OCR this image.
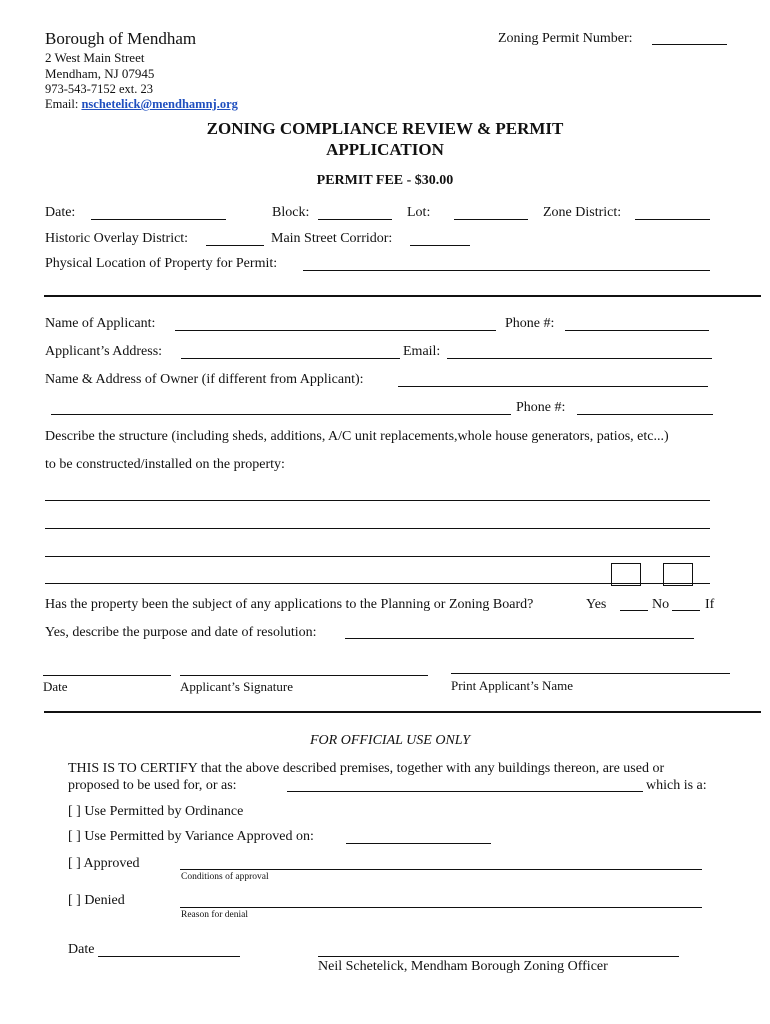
Borough of Mendham
2 West Main Street
Mendham, NJ 07945
973-543-7152 ext. 23
Email: nschetelick@mendhamnj.org
Zoning Permit Number:
ZONING COMPLIANCE REVIEW & PERMIT
APPLICATION
PERMIT FEE - $30.00
Date:	Block:	Lot:	Zone District:
Historic Overlay District:	Main Street Corridor:
Physical Location of Property for Permit:
Name of Applicant:	Phone #:
Applicant’s Address:	Email:
Name & Address of Owner (if different from Applicant):
Phone #:
Describe the structure (including sheds, additions, A/C unit replacements,whole house generators, patios, etc...)
to be constructed/installed on the property:
Has the property been the subject of any applications to the Planning or Zoning Board?	Yes	No	If
Yes, describe the purpose and date of resolution:
Date	Applicant’s Signature	Print Applicant’s Name
FOR OFFICIAL USE ONLY
THIS IS TO CERTIFY that the above described premises, together with any buildings thereon, are used or
proposed to be used for, or as:	which is a:
[ ] Use Permitted by Ordinance
[ ] Use Permitted by Variance Approved on:
[ ] Approved
Conditions of approval
[ ] Denied
Reason for denial
Date
Neil Schetelick, Mendham Borough Zoning Officer
